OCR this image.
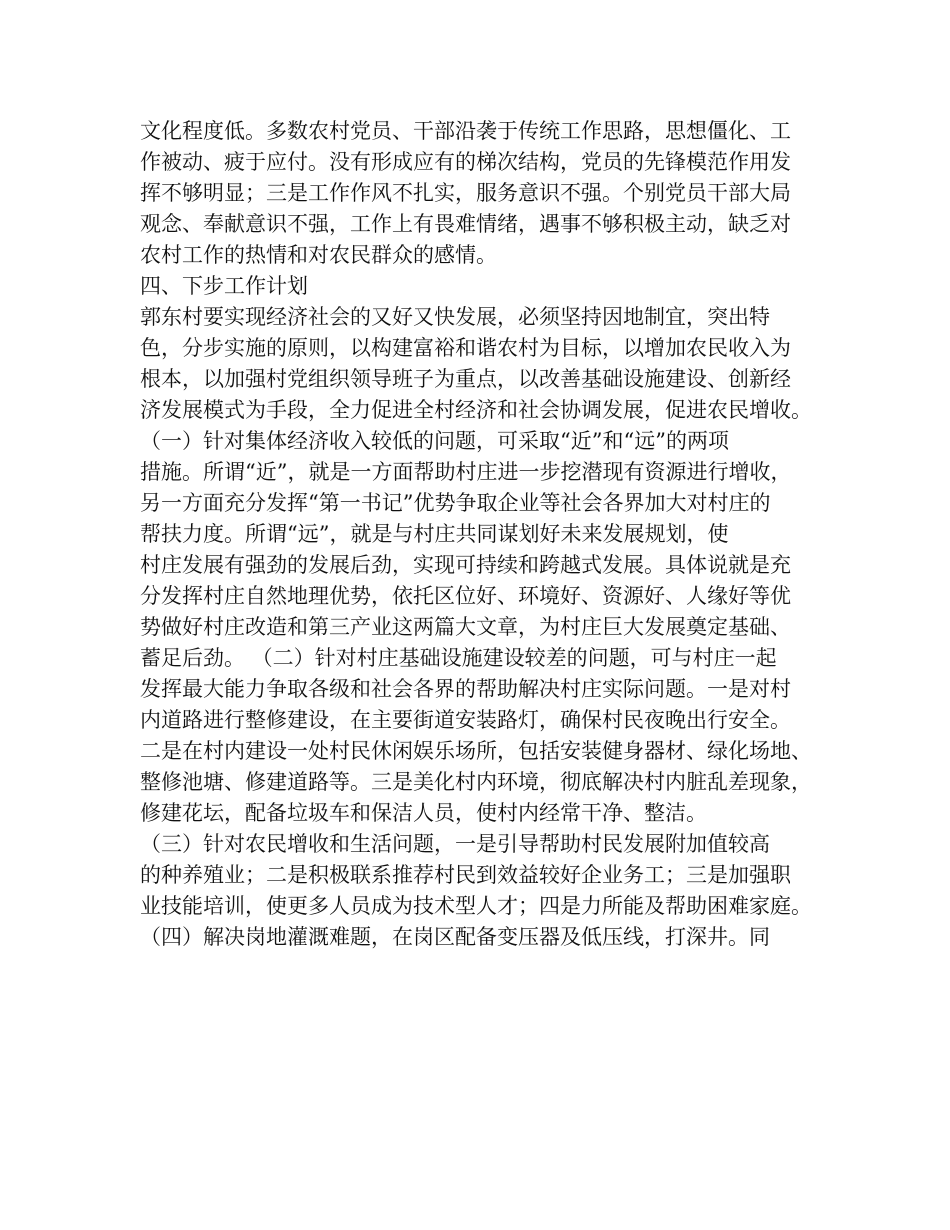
文化程度低。多数农村党员、干部沿袭于传统工作思路，思想僵化、工
作被动、疲于应付。没有形成应有的梯次结构，党员的先锋模范作用发
挥不够明显；三是工作作风不扎实，服务意识不强。个别党员干部大局
观念、奉献意识不强，工作上有畏难情绪，遇事不够积极主动，缺乏对
农村工作的热情和对农民群众的感情。
四、下步工作计划
郭东村要实现经济社会的又好又快发展，必须坚持因地制宜，突出特
色，分步实施的原则，以构建富裕和谐农村为目标，以增加农民收入为
根本，以加强村党组织领导班子为重点，以改善基础设施建设、创新经
济发展模式为手段，全力促进全村经济和社会协调发展，促进农民增收。
（一）针对集体经济收入较低的问题，可采取“近”和“远”的两项
措施。所谓“近”，就是一方面帮助村庄进一步挖潜现有资源进行增收，
另一方面充分发挥“第一书记”优势争取企业等社会各界加大对村庄的
帮扶力度。所谓“远”，就是与村庄共同谋划好未来发展规划，使
村庄发展有强劲的发展后劲，实现可持续和跨越式发展。具体说就是充
分发挥村庄自然地理优势，依托区位好、环境好、资源好、人缘好等优
势做好村庄改造和第三产业这两篇大文章，为村庄巨大发展奠定基础、
蓄足后劲。 （二）针对村庄基础设施建设较差的问题，可与村庄一起
发挥最大能力争取各级和社会各界的帮助解决村庄实际问题。一是对村
内道路进行整修建设，在主要街道安装路灯，确保村民夜晚出行安全。
二是在村内建设一处村民休闲娱乐场所，包括安装健身器材、绿化场地、
整修池塘、修建道路等。三是美化村内环境，彻底解决村内脏乱差现象，
修建花坛，配备垃圾车和保洁人员，使村内经常干净、整洁。
（三）针对农民增收和生活问题，一是引导帮助村民发展附加值较高
的种养殖业；二是积极联系推荐村民到效益较好企业务工；三是加强职
业技能培训，使更多人员成为技术型人才；四是力所能及帮助困难家庭。
（四）解决岗地灌溉难题，在岗区配备变压器及低压线，打深井。同
